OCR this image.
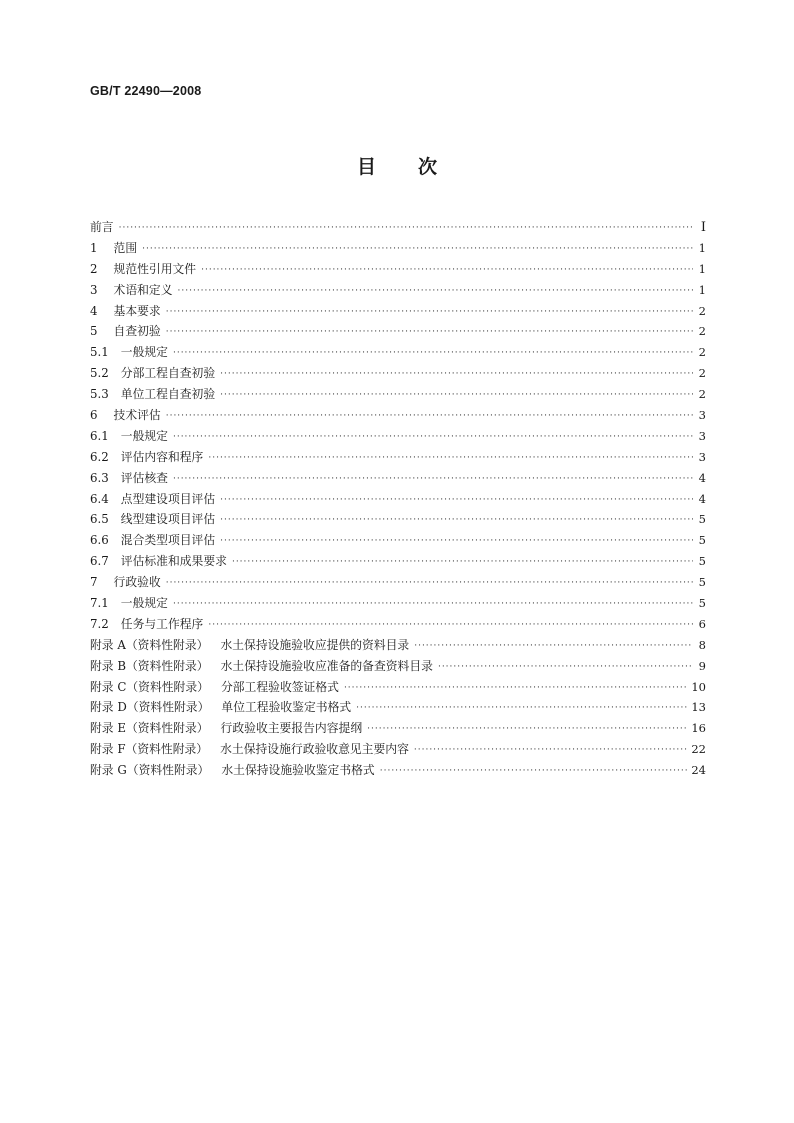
GB/T 22490—2008
目 次
前言 ·····	Ⅰ
1 范围 ·····	1
2 规范性引用文件 ·····	1
3 术语和定义 ·····	1
4 基本要求 ·····	2
5 自查初验 ·····	2
5.1 一般规定 ·····	2
5.2 分部工程自查初验 ·····	2
5.3 单位工程自查初验 ·····	2
6 技术评估 ·····	3
6.1 一般规定 ·····	3
6.2 评估内容和程序 ·····	3
6.3 评估核查 ·····	4
6.4 点型建设项目评估 ·····	4
6.5 线型建设项目评估 ·····	5
6.6 混合类型项目评估 ·····	5
6.7 评估标准和成果要求 ·····	5
7 行政验收 ·····	5
7.1 一般规定 ·····	5
7.2 任务与工作程序 ·····	6
附录 A（资料性附录） 水土保持设施验收应提供的资料目录 ·····	8
附录 B（资料性附录） 水土保持设施验收应准备的备查资料目录 ·····	9
附录 C（资料性附录） 分部工程验收签证格式 ·····	10
附录 D（资料性附录） 单位工程验收鉴定书格式 ·····	13
附录 E（资料性附录） 行政验收主要报告内容提纲 ·····	16
附录 F（资料性附录） 水土保持设施行政验收意见主要内容 ·····	22
附录 G（资料性附录） 水土保持设施验收鉴定书格式 ·····	24
